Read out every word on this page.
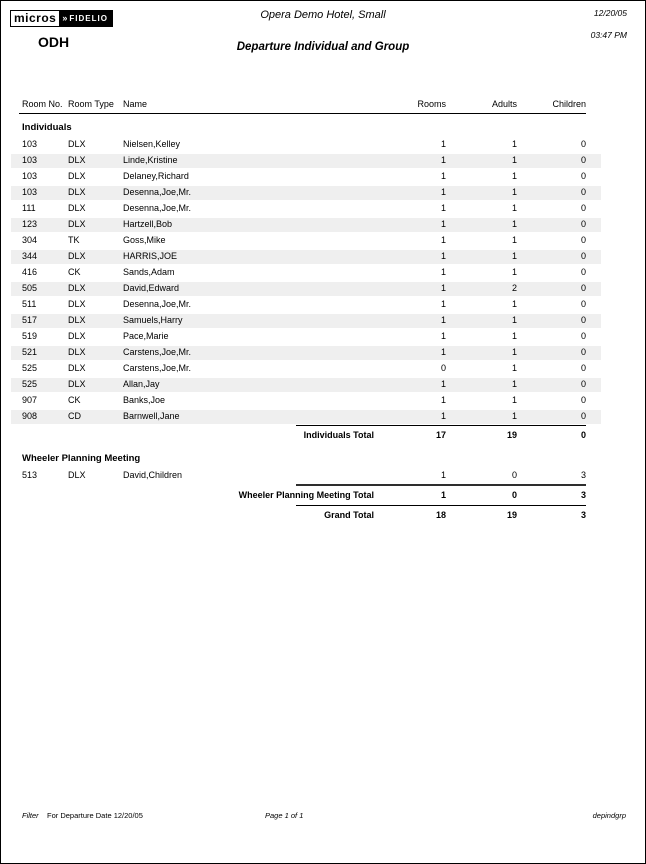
micros » FIDELIO
ODH
Opera Demo Hotel, Small
Departure Individual and Group
12/20/05
03:47 PM
Room No. Room Type Name	Rooms	Adults	Children
Individuals
103	DLX	Nielsen,Kelley	1	1	0
103	DLX	Linde,Kristine	1	1	0
103	DLX	Delaney,Richard	1	1	0
103	DLX	Desenna,Joe,Mr.	1	1	0
111	DLX	Desenna,Joe,Mr.	1	1	0
123	DLX	Hartzell,Bob	1	1	0
304	TK	Goss,Mike	1	1	0
344	DLX	HARRIS,JOE	1	1	0
416	CK	Sands,Adam	1	1	0
505	DLX	David,Edward	1	2	0
511	DLX	Desenna,Joe,Mr.	1	1	0
517	DLX	Samuels,Harry	1	1	0
519	DLX	Pace,Marie	1	1	0
521	DLX	Carstens,Joe,Mr.	1	1	0
525	DLX	Carstens,Joe,Mr.	0	1	0
525	DLX	Allan,Jay	1	1	0
907	CK	Banks,Joe	1	1	0
908	CD	Barnwell,Jane	1	1	0
Individuals Total	17	19	0
Wheeler Planning Meeting
513	DLX	David,Children	1	0	3
Wheeler Planning Meeting Total	1	0	3
Grand Total	18	19	3
Filter For Departure Date 12/20/05	Page 1 of 1	depindgrp
